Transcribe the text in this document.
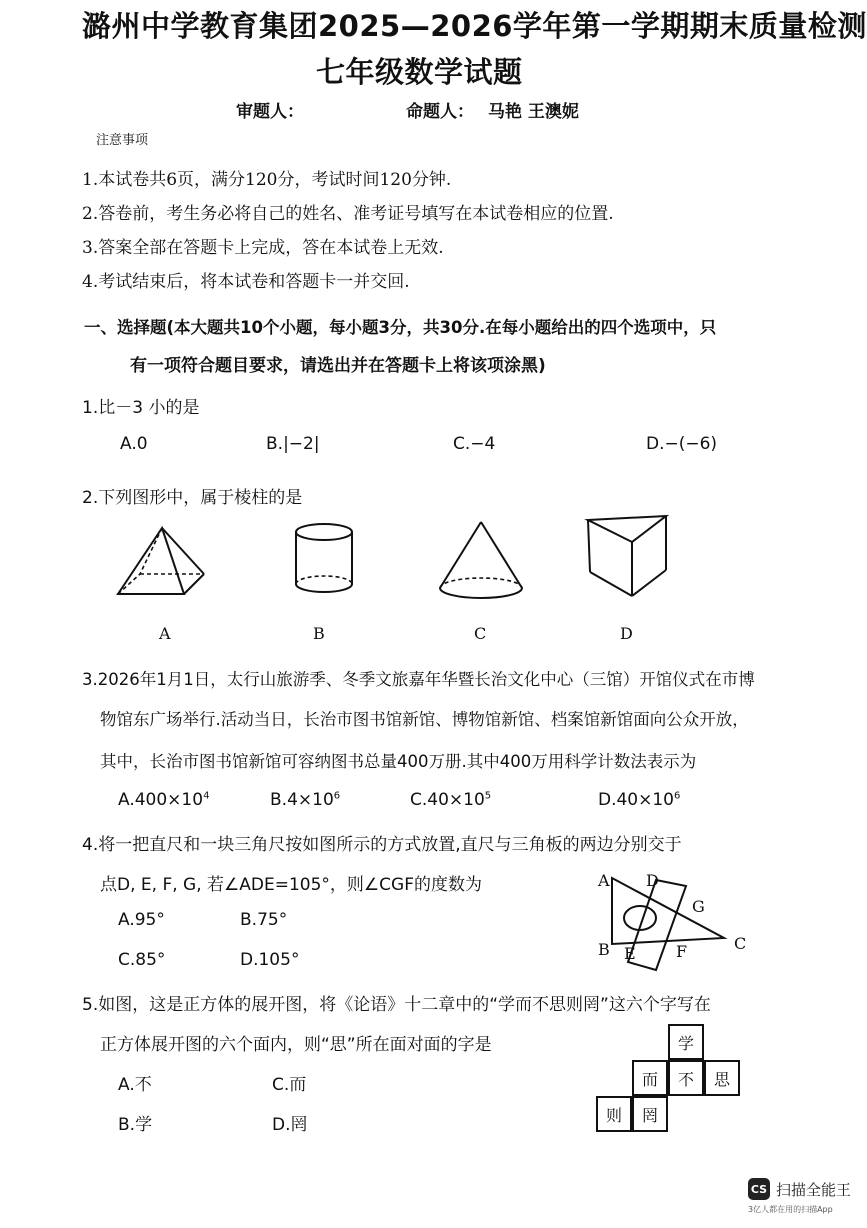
潞州中学教育集团2025—2026学年第一学期期末质量检测
七年级数学试题
审题人：	命题人： 马艳 王澳妮
注意事项
1.本试卷共6页，满分120分，考试时间120分钟.
2.答卷前，考生务必将自己的姓名、准考证号填写在本试卷相应的位置.
3.答案全部在答题卡上完成，答在本试卷上无效.
4.考试结束后，将本试卷和答题卡一并交回.
一、选择题(本大题共10个小题，每小题3分，共30分.在每小题给出的四个选项中，只
有一项符合题目要求，请选出并在答题卡上将该项涂黑)
1.比－3 小的是
A.0	B.|−2|	C.−4	D.−(−6)
2.下列图形中，属于棱柱的是
A	B	C	D
3.2026年1月1日，太行山旅游季、冬季文旅嘉年华暨长治文化中心（三馆）开馆仪式在市博
物馆东广场举行.活动当日，长治市图书馆新馆、博物馆新馆、档案馆新馆面向公众开放，
其中，长治市图书馆新馆可容纳图书总量400万册.其中400万用科学计数法表示为
$A.400\times 10^4$	$B.4\times 10^6$	$C.40\times 10^5$	$D.40\times 10^6$
4.将一把直尺和一块三角尺按如图所示的方式放置,直尺与三角板的两边分别交于
点D, E, F, G, 若∠ADE=105°，则∠CGF的度数为
A.95°	B.75°
C.85°	D.105°
A D
G
B E	F	C
5.如图，这是正方体的展开图，将《论语》十二章中的“学而不思则罔”这六个字写在
正方体展开图的六个面内，则“思”所在面对面的字是
A.不	C.而
B.学	D.罔
学
而	不	思
则	罔
CS 扫描全能王
3亿人都在用的扫描App
